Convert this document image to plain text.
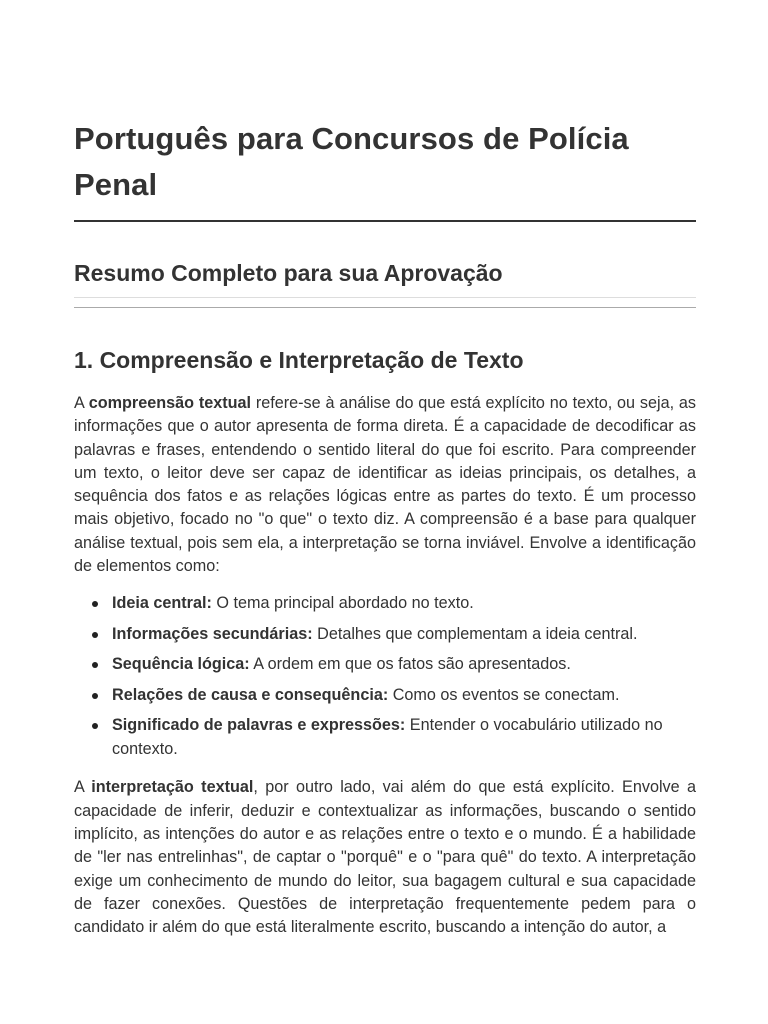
Português para Concursos de Polícia Penal
Resumo Completo para sua Aprovação
1. Compreensão e Interpretação de Texto

A compreensão textual refere-se à análise do que está explícito no texto, ou seja, as informações que o autor apresenta de forma direta. É a capacidade de decodificar as palavras e frases, entendendo o sentido literal do que foi escrito. Para compreender um texto, o leitor deve ser capaz de identificar as ideias principais, os detalhes, a sequência dos fatos e as relações lógicas entre as partes do texto. É um processo mais objetivo, focado no "o que" o texto diz. A compreensão é a base para qualquer análise textual, pois sem ela, a interpretação se torna inviável. Envolve a identificação de elementos como:

Ideia central: O tema principal abordado no texto.
Informações secundárias: Detalhes que complementam a ideia central.
Sequência lógica: A ordem em que os fatos são apresentados.
Relações de causa e consequência: Como os eventos se conectam.
Significado de palavras e expressões: Entender o vocabulário utilizado no contexto.

A interpretação textual, por outro lado, vai além do que está explícito. Envolve a capacidade de inferir, deduzir e contextualizar as informações, buscando o sentido implícito, as intenções do autor e as relações entre o texto e o mundo. É a habilidade de "ler nas entrelinhas", de captar o "porquê" e o "para quê" do texto. A interpretação exige um conhecimento de mundo do leitor, sua bagagem cultural e sua capacidade de fazer conexões. Questões de interpretação frequentemente pedem para o candidato ir além do que está literalmente escrito, buscando a intenção do autor, a
